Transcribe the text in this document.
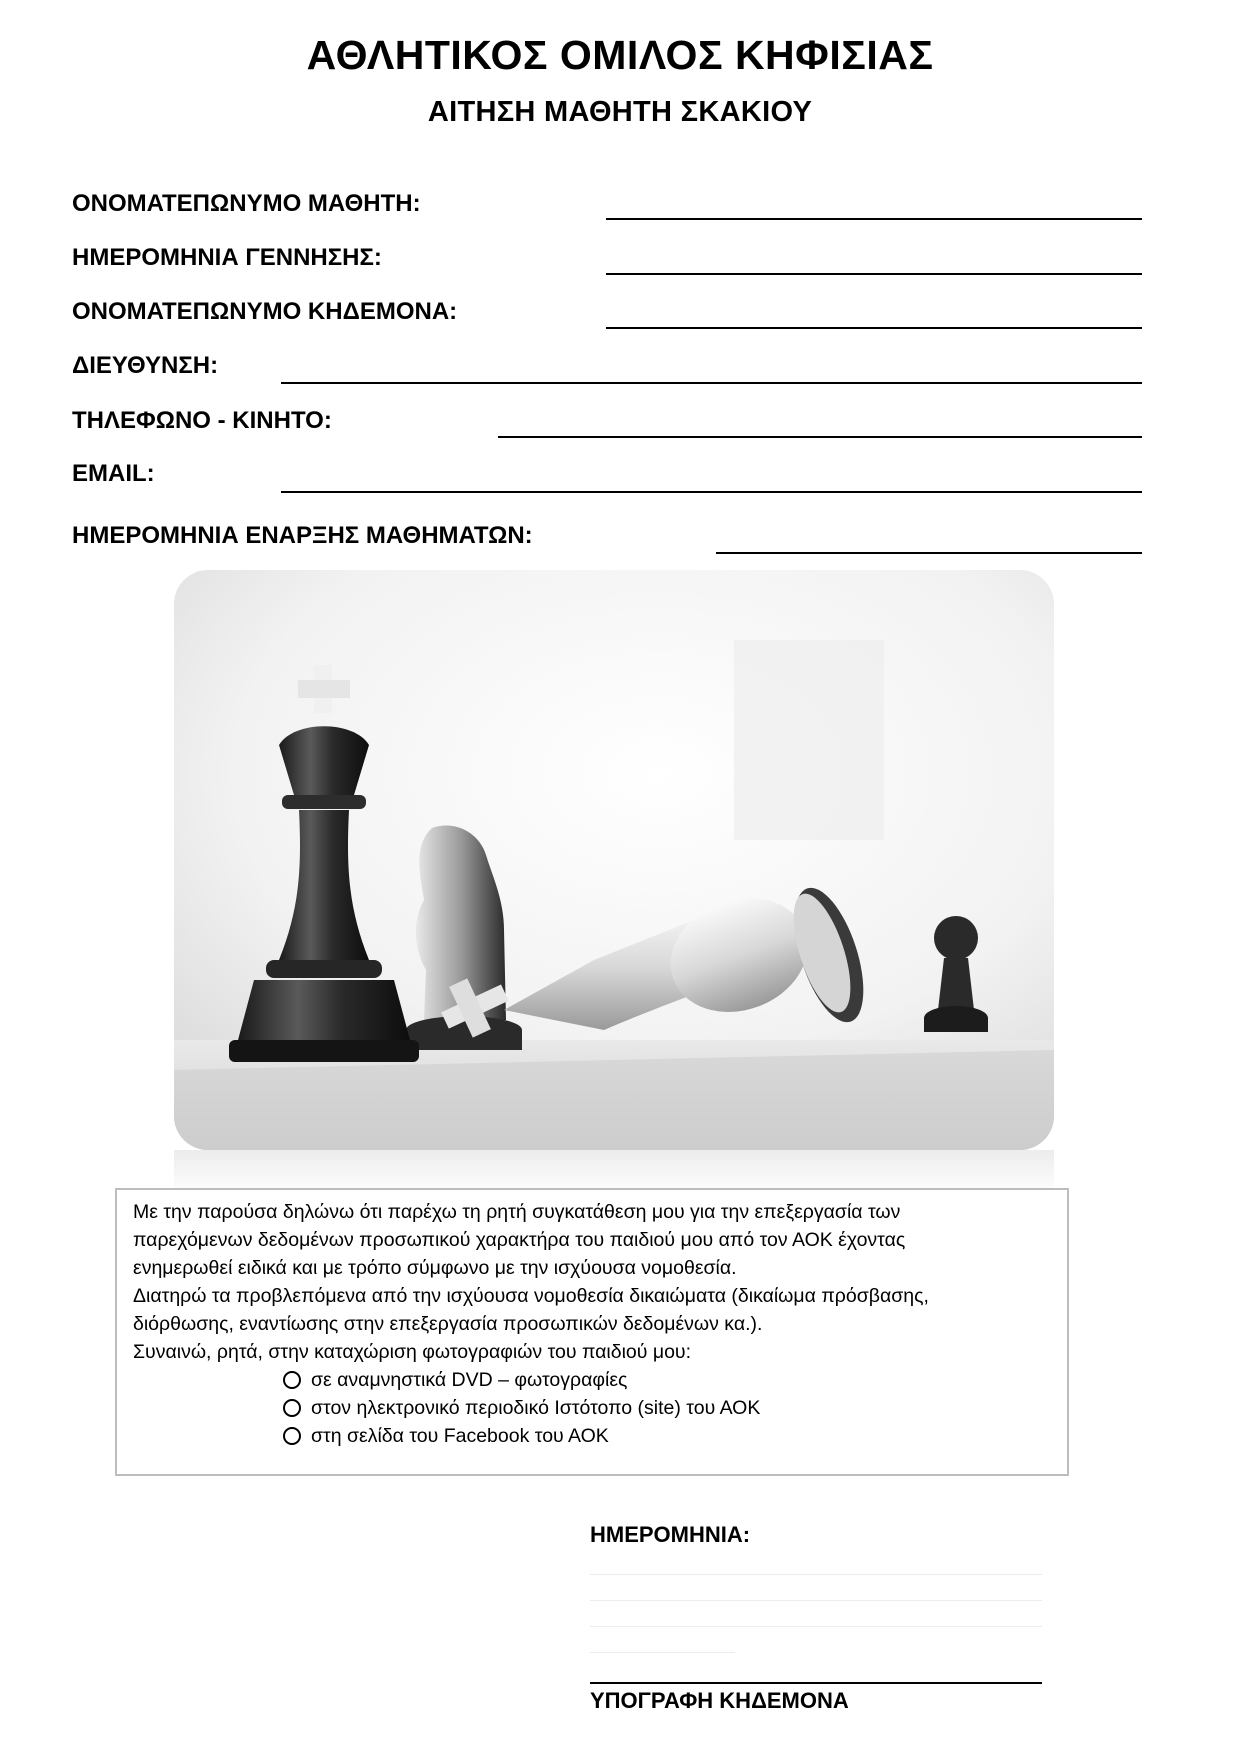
ΑΘΛΗΤΙΚΟΣ ΟΜΙΛΟΣ ΚΗΦΙΣΙΑΣ
ΑΙΤΗΣΗ ΜΑΘΗΤΗ ΣΚΑΚΙΟΥ
ΟΝΟΜΑΤΕΠΩΝΥΜΟ ΜΑΘΗΤΗ:
ΗΜΕΡΟΜΗΝΙΑ ΓΕΝΝΗΣΗΣ:
ΟΝΟΜΑΤΕΠΩΝΥΜΟ ΚΗΔΕΜΟΝΑ:
ΔΙΕΥΘΥΝΣΗ:
ΤΗΛΕΦΩΝΟ - ΚΙΝΗΤΟ:
EMAIL:
ΗΜΕΡΟΜΗΝΙΑ ΕΝΑΡΞΗΣ ΜΑΘΗΜΑΤΩΝ:

Με την παρούσα δηλώνω ότι παρέχω τη ρητή συγκατάθεση μου για την επεξεργασία των

παρεχόμενων δεδομένων προσωπικού χαρακτήρα του παιδιού μου από τον ΑΟΚ έχοντας

ενημερωθεί ειδικά και με τρόπο σύμφωνο με την ισχύουσα νομοθεσία.

Διατηρώ τα προβλεπόμενα από την ισχύουσα νομοθεσία δικαιώματα (δικαίωμα πρόσβασης,

διόρθωσης, εναντίωσης στην επεξεργασία προσωπικών δεδομένων κα.).

Συναινώ, ρητά, στην καταχώριση φωτογραφιών του παιδιού μου:

σε αναμνηστικά DVD – φωτογραφίες
στον ηλεκτρονικό περιοδικό Ιστότοπο (site) του ΑΟΚ
στη σελίδα του Facebook του ΑΟΚ
ΗΜΕΡΟΜΗΝΙΑ:
ΥΠΟΓΡΑΦΗ ΚΗΔΕΜΟΝΑ
